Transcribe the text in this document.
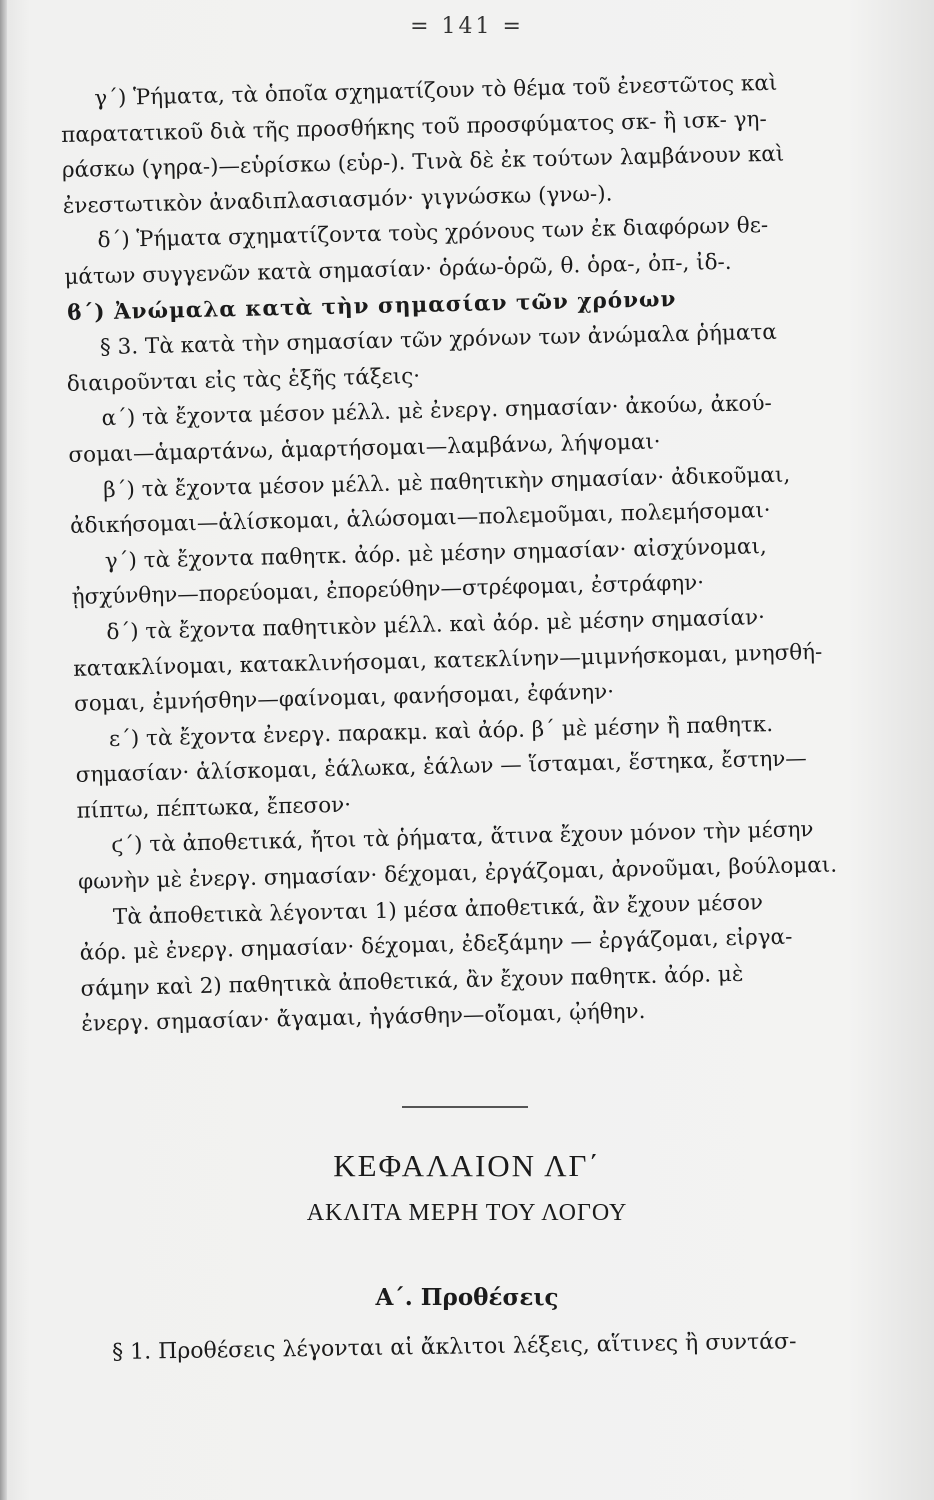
= 141 =
γ΄) Ῥήματα, τὰ ὁποῖα σχηματίζουν τὸ θέμα τοῦ ἐνεστῶτος καὶ
παρατατικοῦ διὰ τῆς προσθήκης τοῦ προσφύματος σκ- ἢ ισκ- γη-
ράσκω (γηρα-)—εὑρίσκω (εὑρ-). Τινὰ δὲ ἐκ τούτων λαμβάνουν καὶ
ἐνεστωτικὸν ἀναδιπλασιασμόν· γιγνώσκω (γνω-).
δ΄) Ῥήματα σχηματίζοντα τοὺς χρόνους των ἐκ διαφόρων θε-
μάτων συγγενῶν κατὰ σημασίαν· ὁράω-ὁρῶ, θ. ὁρα-, ὀπ-, ἰδ-.
ϐ΄) Ἀνώμαλα κατὰ τὴν σημασίαν τῶν χρόνων
§ 3. Τὰ κατὰ τὴν σημασίαν τῶν χρόνων των ἀνώμαλα ῥήματα
διαιροῦνται εἰς τὰς ἑξῆς τάξεις·
α΄) τὰ ἔχοντα μέσον μέλλ. μὲ ἐνεργ. σημασίαν· ἀκούω, ἀκού-
σομαι—ἁμαρτάνω, ἁμαρτήσομαι—λαμβάνω, λήψομαι·
β΄) τὰ ἔχοντα μέσον μέλλ. μὲ παθητικὴν σημασίαν· ἀδικοῦμαι,
ἀδικήσομαι—ἁλίσκομαι, ἁλώσομαι—πολεμοῦμαι, πολεμήσομαι·
γ΄) τὰ ἔχοντα παθητκ. ἀόρ. μὲ μέσην σημασίαν· αἰσχύνομαι,
ᾐσχύνθην—πορεύομαι, ἐπορεύθην—στρέφομαι, ἐστράφην·
δ΄) τὰ ἔχοντα παθητικὸν μέλλ. καὶ ἀόρ. μὲ μέσην σημασίαν·
κατακλίνομαι, κατακλινήσομαι, κατεκλίνην—μιμνήσκομαι, μνησθή-
σομαι, ἐμνήσθην—φαίνομαι, φανήσομαι, ἐφάνην·
ε΄) τὰ ἔχοντα ἐνεργ. παρακμ. καὶ ἀόρ. β΄ μὲ μέσην ἢ παθητκ.
σημασίαν· ἁλίσκομαι, ἑάλωκα, ἑάλων — ἵσταμαι, ἕστηκα, ἔστην—
πίπτω, πέπτωκα, ἔπεσον·
ϛ΄) τὰ ἀποθετικά, ἤτοι τὰ ῥήματα, ἅτινα ἔχουν μόνον τὴν μέσην
φωνὴν μὲ ἐνεργ. σημασίαν· δέχομαι, ἐργάζομαι, ἀρνοῦμαι, βούλομαι.
Τὰ ἀποθετικὰ λέγονται 1) μέσα ἀποθετικά, ἂν ἔχουν μέσον
ἀόρ. μὲ ἐνεργ. σημασίαν· δέχομαι, ἐδεξάμην — ἐργάζομαι, εἰργα-
σάμην καὶ 2) παθητικὰ ἀποθετικά, ἂν ἔχουν παθητκ. ἀόρ. μὲ
ἐνεργ. σημασίαν· ἄγαμαι, ἠγάσθην—οἴομαι, ᾠήθην.
ΚΕΦΑΛΑΙΟΝ ΛΓ΄
ΑΚΛΙΤΑ ΜΕΡΗ ΤΟΥ ΛΟΓΟΥ
Α΄. Προθέσεις
§ 1. Προθέσεις λέγονται αἱ ἄκλιτοι λέξεις, αἵτινες ἢ συντάσ-
